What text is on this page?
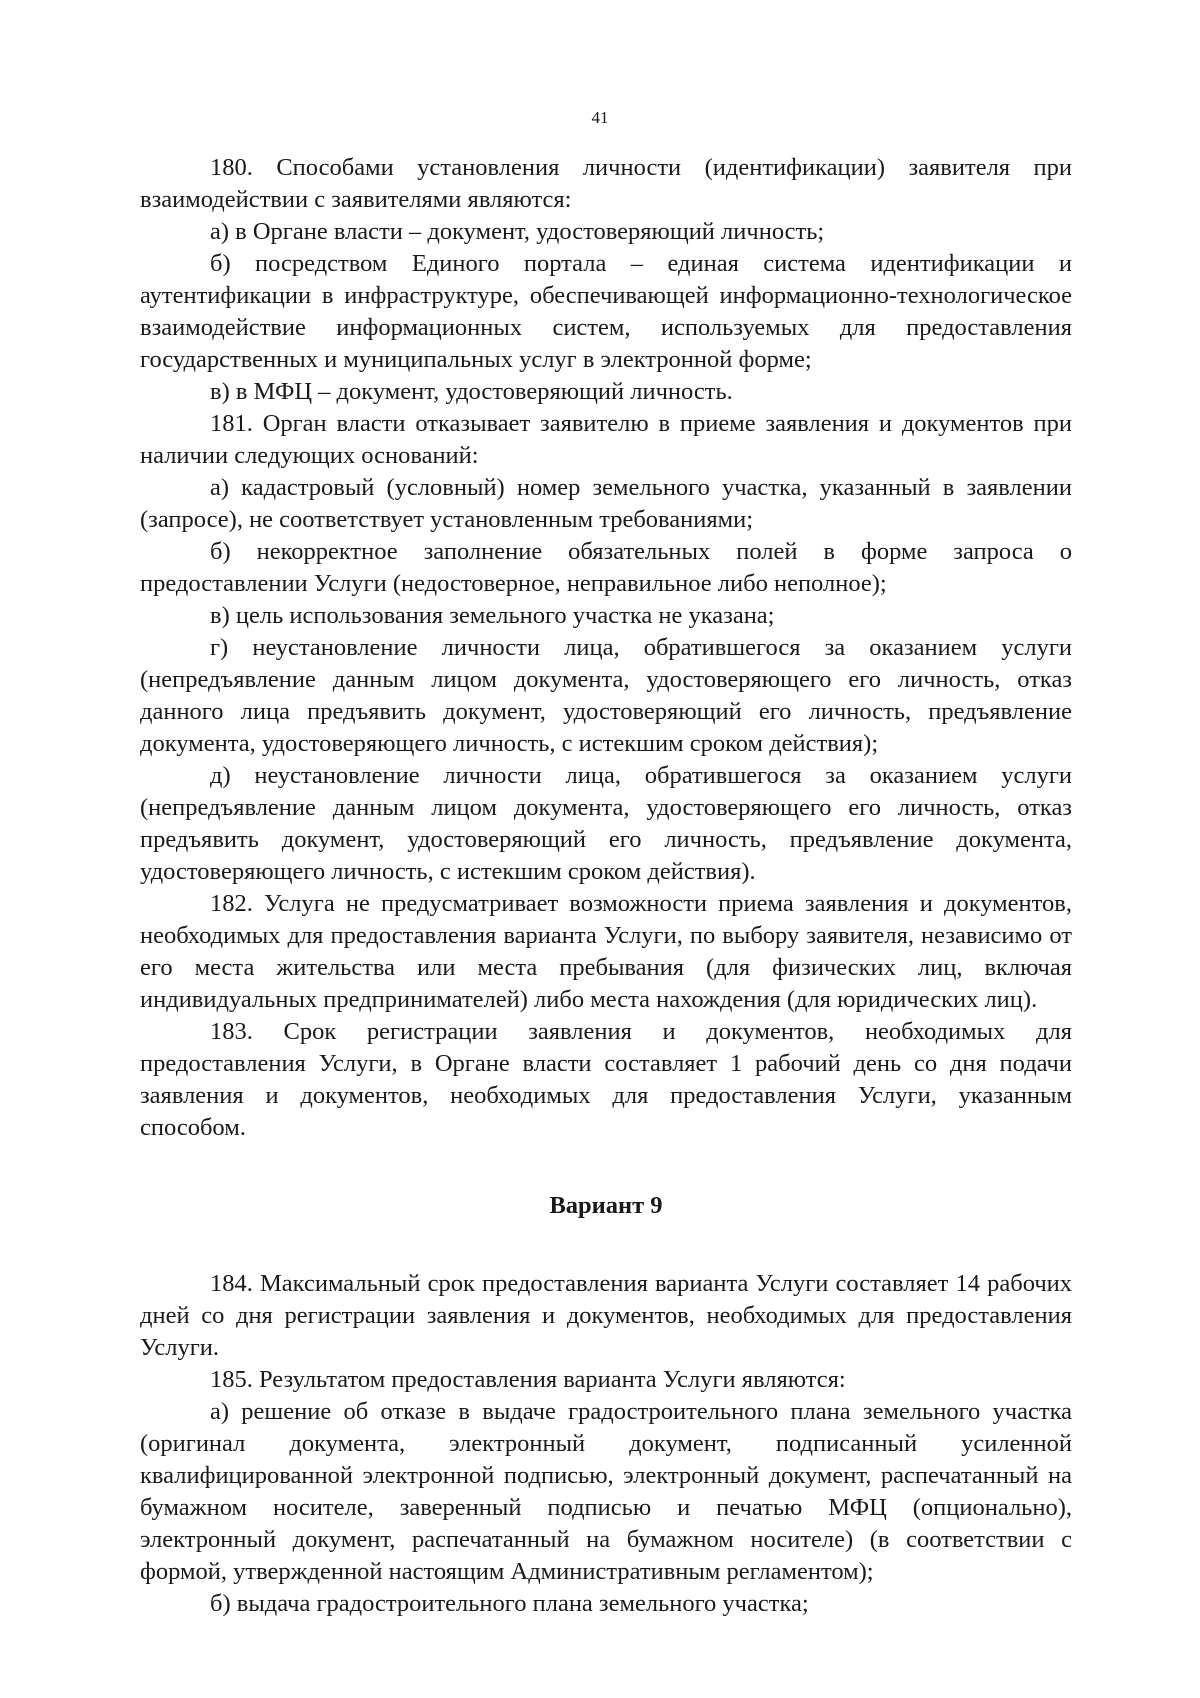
41

180. Способами установления личности (идентификации) заявителя при взаимодействии с заявителями являются:

а) в Органе власти – документ, удостоверяющий личность;

б) посредством Единого портала – единая система идентификации и аутентификации в инфраструктуре, обеспечивающей информационно-технологическое взаимодействие информационных систем, используемых для предоставления государственных и муниципальных услуг в электронной форме;

в) в МФЦ – документ, удостоверяющий личность.

181. Орган власти отказывает заявителю в приеме заявления и документов при наличии следующих оснований:

а) кадастровый (условный) номер земельного участка, указанный в заявлении (запросе), не соответствует установленным требованиями;

б) некорректное заполнение обязательных полей в форме запроса о предоставлении Услуги (недостоверное, неправильное либо неполное);

в) цель использования земельного участка не указана;

г) неустановление личности лица, обратившегося за оказанием услуги (непредъявление данным лицом документа, удостоверяющего его личность, отказ данного лица предъявить документ, удостоверяющий его личность, предъявление документа, удостоверяющего личность, с истекшим сроком действия);

д) неустановление личности лица, обратившегося за оказанием услуги (непредъявление данным лицом документа, удостоверяющего его личность, отказ предъявить документ, удостоверяющий его личность, предъявление документа, удостоверяющего личность, с истекшим сроком действия).

182. Услуга не предусматривает возможности приема заявления и документов, необходимых для предоставления варианта Услуги, по выбору заявителя, независимо от его места жительства или места пребывания (для физических лиц, включая индивидуальных предпринимателей) либо места нахождения (для юридических лиц).

183. Срок регистрации заявления и документов, необходимых для предоставления Услуги, в Органе власти составляет 1 рабочий день со дня подачи заявления и документов, необходимых для предоставления Услуги, указанным способом.

Вариант 9

184. Максимальный срок предоставления варианта Услуги составляет 14 рабочих дней со дня регистрации заявления и документов, необходимых для предоставления Услуги.

185. Результатом предоставления варианта Услуги являются:

а) решение об отказе в выдаче градостроительного плана земельного участка (оригинал документа, электронный документ, подписанный усиленной квалифицированной электронной подписью, электронный документ, распечатанный на бумажном носителе, заверенный подписью и печатью МФЦ (опционально), электронный документ, распечатанный на бумажном носителе) (в соответствии с формой, утвержденной настоящим Административным регламентом);

б) выдача градостроительного плана земельного участка;
